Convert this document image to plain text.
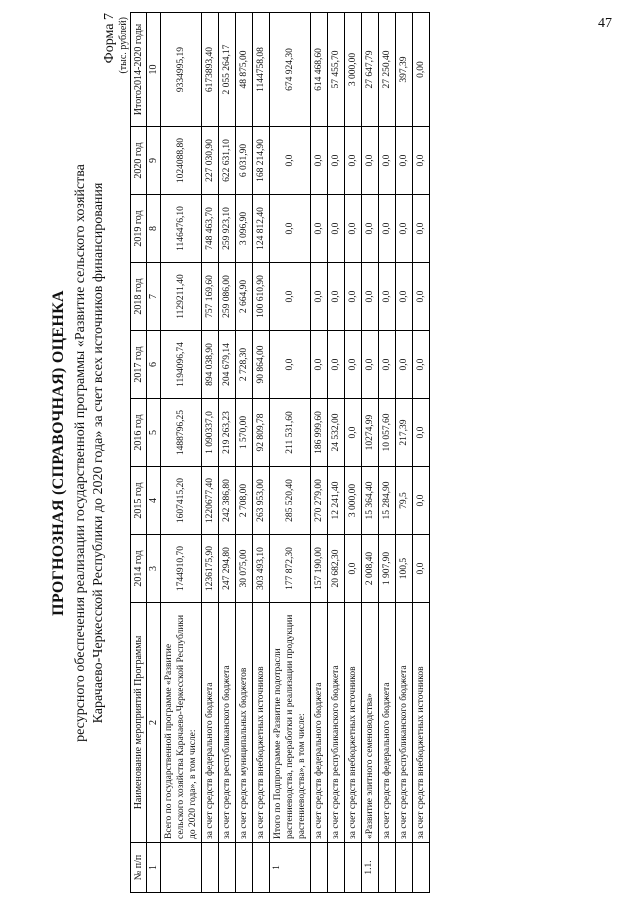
47
Форма 7
ПРОГНОЗНАЯ (СПРАВОЧНАЯ) ОЦЕНКА ресурсного обеспечения реализации государственной программы «Развитие сельского хозяйства Карачаево-Черкесской Республики до 2020 года» за счет всех источников финансирования
(тыс. рублей)
№ п/п	Наименование мероприятий Программы	2014 год	2015 год	2016 год	2017 год	2018 год	2019 год	2020 год	Итого2014-2020 годы
1	2	3	4	5	6	7	8	9	10
	Всего по государственной программе «Развитие сельского хозяйства Карачаево-Черкесской Республики до 2020 года», в том числе:	1744910,70	1607415,20	1488796,25	1194096,74	1129211,40	1146476,10	1024088,80	9334995,19
	за счет средств федерального бюджета	1236175,90	1220677,40	1 090337,0	894 038,90	757 169,60	748 463,70	227 030,90	6173893,40
	за счет средств республиканского бюджета	247 294,80	242 386,80	219 263,23	204 679,14	259 086,00	259 923,10	622 631,10	2 055 264,17
	за счет средств муниципальных бюджетов	30 075,00	2 708,00	1 570,00	2 728,30	2 664,90	3 096,90	6 031,90	48 875,00
	за счет средств внебюджетных источников	303 493,10	263 953,00	92 809,78	90 864,00	100 610,90	124 812,40	168 214,90	1144758,08
1	Итого по Подпрограмме «Развитие подотрасли растениеводства, переработки и реализации продукции растениеводства», в том числе:	177 872,30	285 520,40	211 531,60	0,0	0,0	0,0	0,0	674 924,30
	за счет средств федерального бюджета	157 190,00	270 279,00	186 999,60	0,0	0,0	0,0	0,0	614 468,60
	за счет средств республиканского бюджета	20 682,30	12 241,40	24 532,00	0,0	0,0	0,0	0,0	57 455,70
	за счет средств внебюджетных источников	0,0	3 000,00	0,0	0,0	0,0	0,0	0,0	3 000,00
1.1.	«Развитие элитного семеноводства»	2 008,40	15 364,40	10274,99	0,0	0,0	0,0	0,0	27 647,79
	за счет средств федерального бюджета	1 907,90	15 284,90	10 057,60	0,0	0,0	0,0	0,0	27 250,40
	за счет средств республиканского бюджета	100,5	79,5	217,39	0,0	0,0	0,0	0,0	397,39
	за счет средств внебюджетных источников	0,0	0,0	0,0	0,0	0,0	0,0	0,0	0,00
